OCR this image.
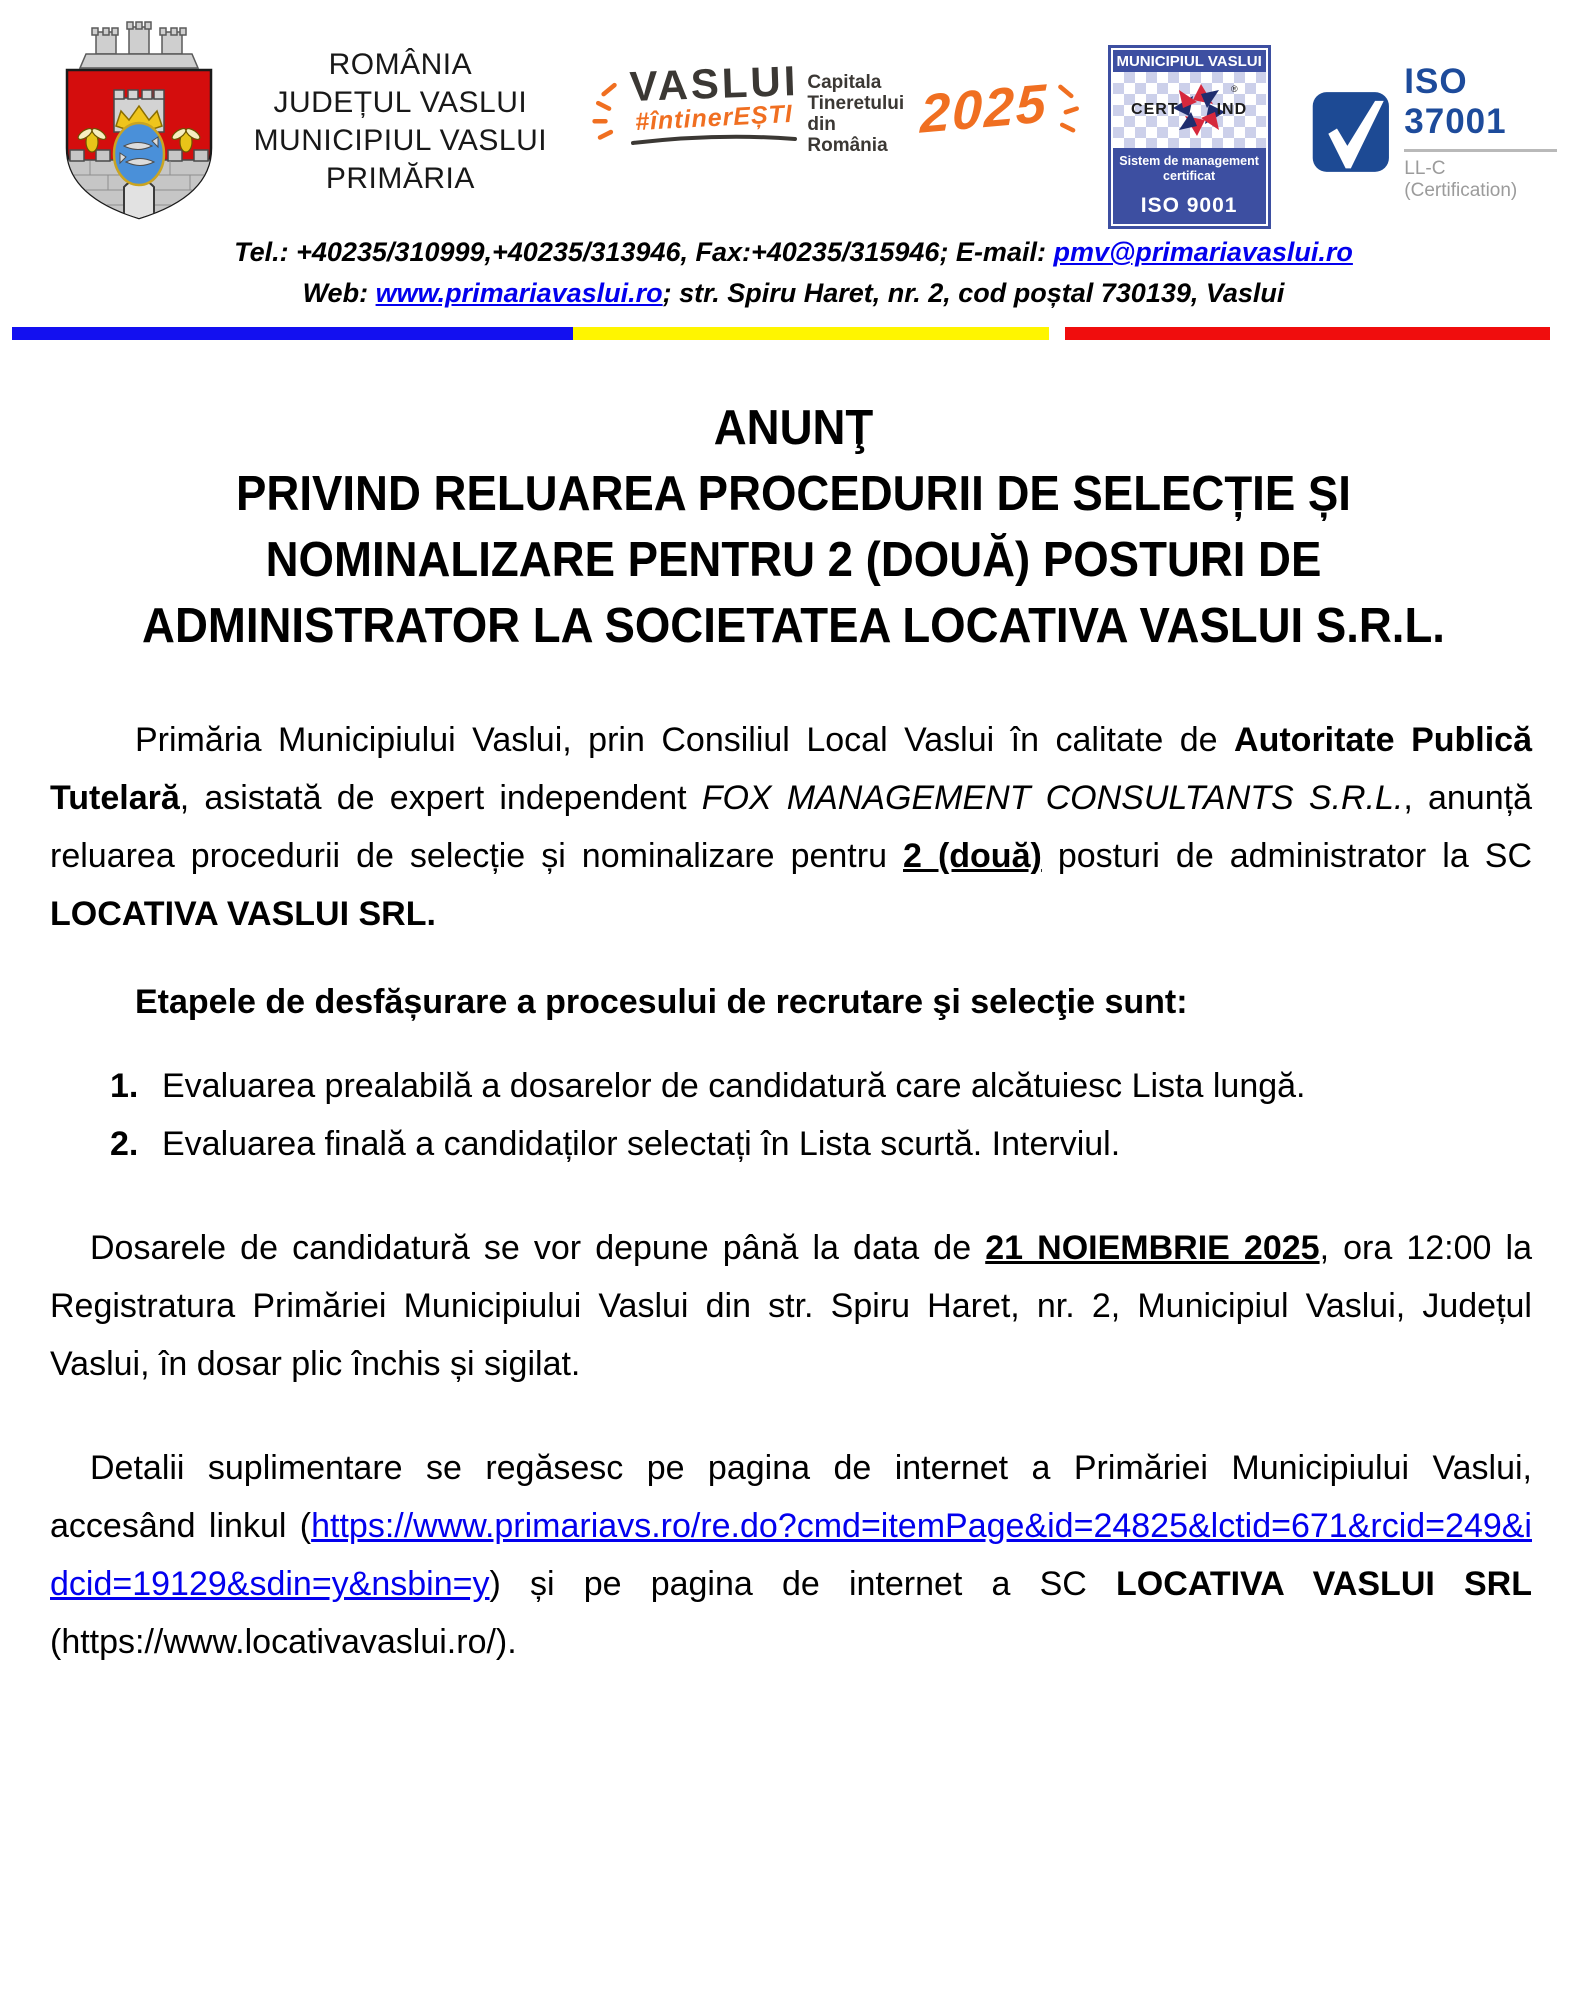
ROMÂNIA
JUDEȚUL VASLUI
MUNICIPIUL VASLUI
PRIMĂRIA
VASLUI
#întinerEȘTI
Capitala
Tineretului
din România
2025
MUNICIPIUL VASLUI
CERT IND
®
Sistem de management
certificat
ISO 9001
ISO 37001
LL-C (Certification)
Tel.: +40235/310999,+40235/313946, Fax:+40235/315946; E-mail: pmv@primariavaslui.ro
Web: www.primariavaslui.ro; str. Spiru Haret, nr. 2, cod poștal 730139, Vaslui
ANUNŢ
PRIVIND RELUAREA PROCEDURII DE SELECȚIE ȘI
NOMINALIZARE PENTRU 2 (DOUĂ) POSTURI DE
ADMINISTRATOR LA SOCIETATEA LOCATIVA VASLUI S.R.L.
Primăria Municipiului Vaslui, prin Consiliul Local Vaslui în calitate de Autoritate Publică Tutelară, asistată de expert independent FOX MANAGEMENT CONSULTANTS S.R.L., anunță reluarea procedurii de selecție și nominalizare pentru 2 (două) posturi de administrator la SC LOCATIVA VASLUI SRL.
Etapele de desfășurare a procesului de recrutare şi selecţie sunt:
1. Evaluarea prealabilă a dosarelor de candidatură care alcătuiesc Lista lungă.
2. Evaluarea finală a candidaților selectați în Lista scurtă. Interviul.
Dosarele de candidatură se vor depune până la data de 21 NOIEMBRIE 2025, ora 12:00 la Registratura Primăriei Municipiului Vaslui din str. Spiru Haret, nr. 2, Municipiul Vaslui, Județul Vaslui, în dosar plic închis și sigilat.
Detalii suplimentare se regăsesc pe pagina de internet a Primăriei Municipiului Vaslui, accesând linkul (https://www.primariavs.ro/re.do?cmd=itemPage&id=24825&lctid=671&rcid=249&idcid=19129&sdin=y&nsbin=y) și pe pagina de internet a SC LOCATIVA VASLUI SRL (https://www.locativavaslui.ro/).
